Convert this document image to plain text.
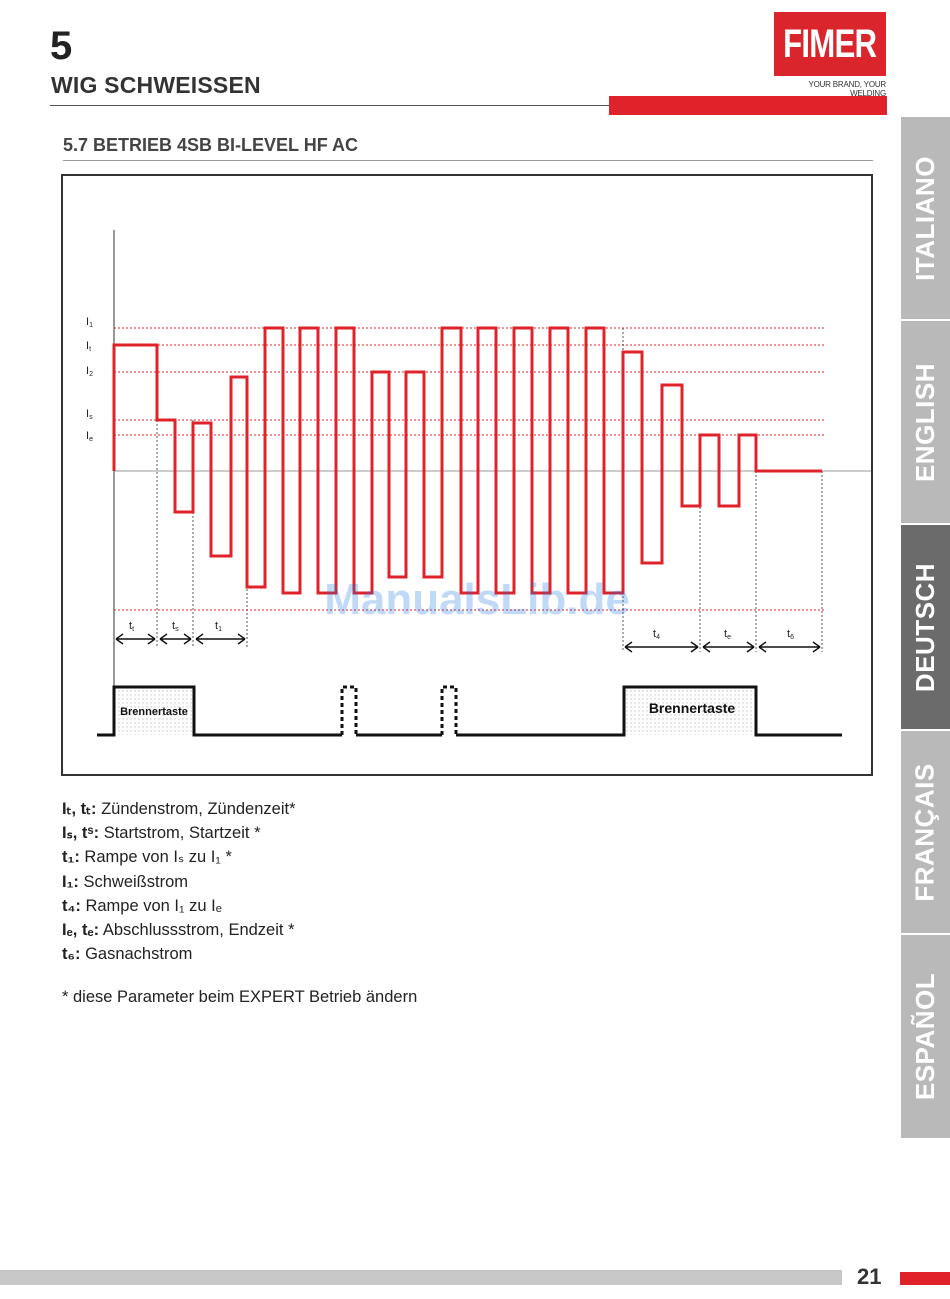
5
WIG SCHWEISSEN
FIMER
YOUR BRAND, YOUR WELDING
5.7 BETRIEB 4SB BI-LEVEL HF AC
I1
It
I2
Is
Ie
tt	ts	t1	t4	te	t6
Brennertaste	Brennertaste
ManualsLib.de
Iₜ, tₜ: Zündenstrom, Zündenzeit*
Iₛ, tˢ: Startstrom, Startzeit *
t₁: Rampe von Iₛ zu I₁ *
I₁: Schweißstrom
t₄: Rampe von I₁ zu Iₑ
Iₑ, tₑ: Abschlussstrom, Endzeit *
t₆: Gasnachstrom
* diese Parameter beim EXPERT Betrieb ändern
ITALIANO
ENGLISH
DEUTSCH
FRANÇAIS
ESPAÑOL
21
